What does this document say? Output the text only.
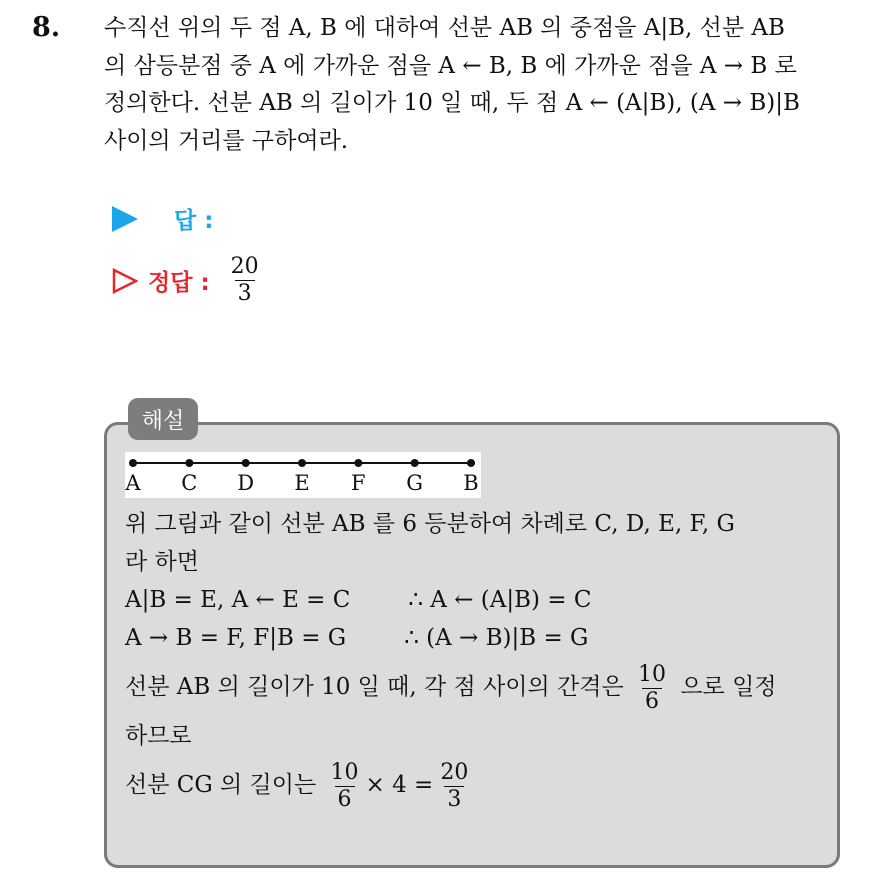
8. 수직선 위의 두 점 A, B 에 대하여 선분 AB 의 중점을 A|B, 선분 AB
의 삼등분점 중 A 에 가까운 점을 A ← B, B 에 가까운 점을 A → B 로
정의한다. 선분 AB 의 길이가 10 일 때, 두 점 A ← (A|B), (A → B)|B
사이의 거리를 구하여라.
답 :
정답 : $\frac{20}{3}$
해설
A C D E F G B
위 그림과 같이 선분 AB 를 6 등분하여 차례로 C, D, E, F, G
라 하면
A|B = E, A ← E = C	∴ A ← (A|B) = C
A → B = F, F|B = G	∴ (A → B)|B = G
선분 AB 의 길이가 10 일 때, 각 점 사이의 간격은 $\frac{10}{6}$ 으로 일정
하므로
선분 CG 의 길이는 $\frac{10}{6} \times 4 = \frac{20}{3}$
